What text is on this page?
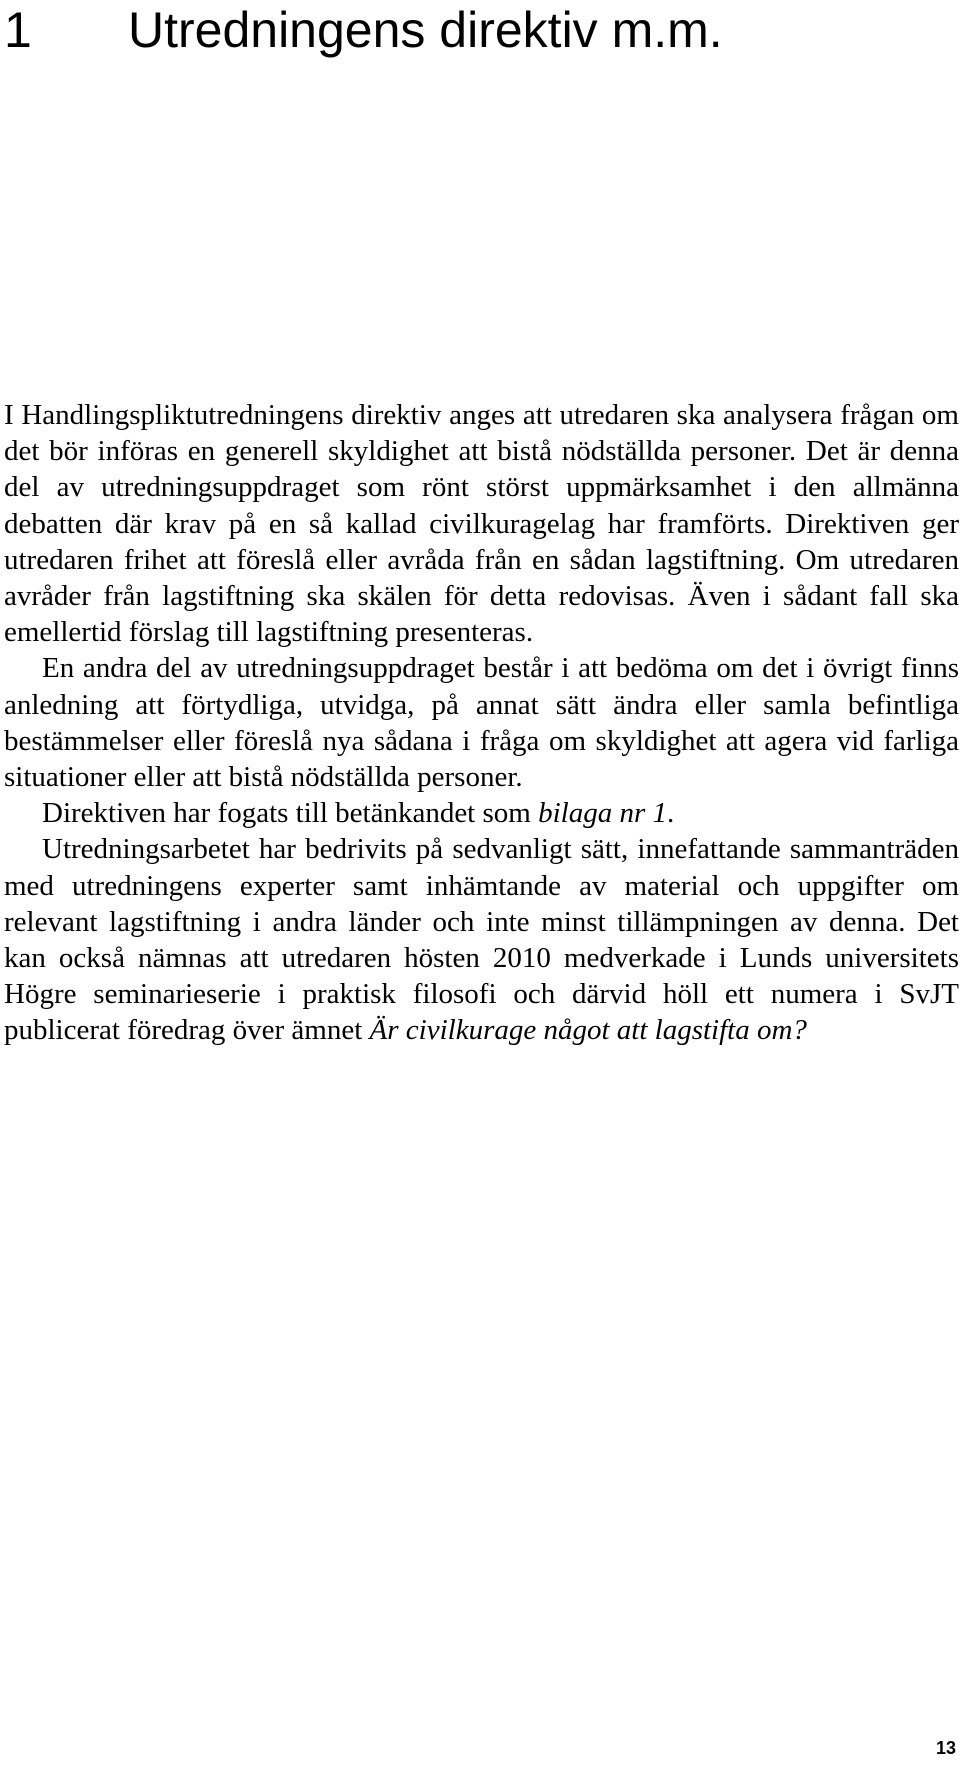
1 Utredningens direktiv m.m.

I Handlingspliktutredningens direktiv anges att utredaren ska analysera frågan om det bör införas en generell skyldighet att bistå nödställda personer. Det är denna del av utredningsuppdraget som rönt störst uppmärksamhet i den allmänna debatten där krav på en så kallad civilkuragelag har framförts. Direktiven ger utredaren frihet att föreslå eller avråda från en sådan lagstiftning. Om utredaren avråder från lagstiftning ska skälen för detta redovisas. Även i sådant fall ska emellertid förslag till lagstiftning presenteras.

En andra del av utredningsuppdraget består i att bedöma om det i övrigt finns anledning att förtydliga, utvidga, på annat sätt ändra eller samla befintliga bestämmelser eller föreslå nya sådana i fråga om skyldighet att agera vid farliga situationer eller att bistå nödställda personer.

Direktiven har fogats till betänkandet som bilaga nr 1.

Utredningsarbetet har bedrivits på sedvanligt sätt, innefattande sammanträden med utredningens experter samt inhämtande av material och uppgifter om relevant lagstiftning i andra länder och inte minst tillämpningen av denna. Det kan också nämnas att utredaren hösten 2010 medverkade i Lunds universitets Högre seminarieserie i praktisk filosofi och därvid höll ett numera i SvJT publicerat föredrag över ämnet Är civilkurage något att lagstifta om?

13
